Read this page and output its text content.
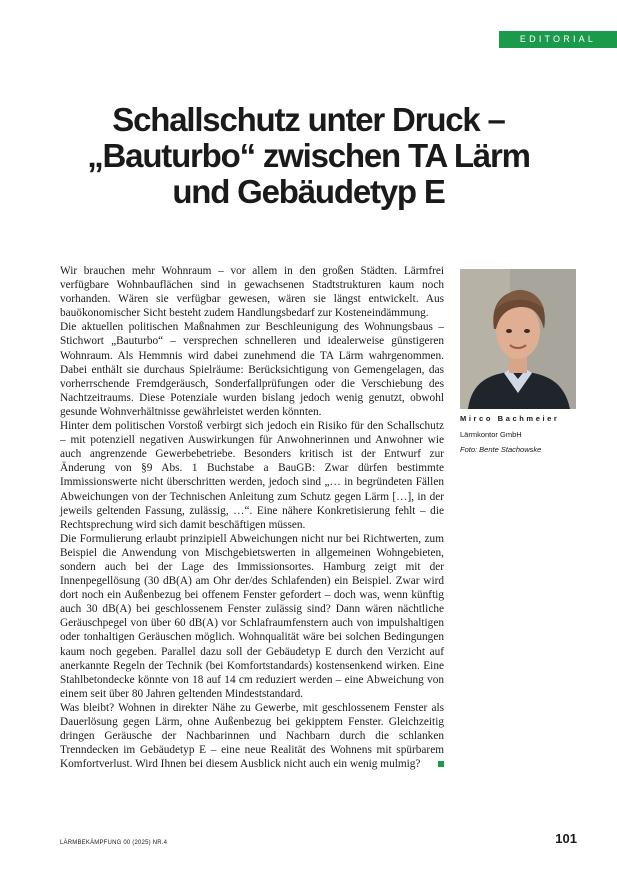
EDITORIAL
Schallschutz unter Druck –
„Bauturbo“ zwischen TA Lärm
und Gebäudetyp E

Wir brauchen mehr Wohnraum – vor allem in den großen Städten. Lärmfrei verfügbare Wohnbauflächen sind in gewachsenen Stadtstrukturen kaum noch vorhanden. Wären sie verfügbar gewesen, wären sie längst entwickelt. Aus bauökonomischer Sicht besteht zudem Handlungsbedarf zur Kosteneindämmung.

Die aktuellen politischen Maßnahmen zur Beschleunigung des Wohnungsbaus – Stichwort „Bauturbo“ – versprechen schnelleren und idealerweise günstigeren Wohnraum. Als Hemmnis wird dabei zunehmend die TA Lärm wahrgenommen. Dabei enthält sie durchaus Spielräume: Berücksichtigung von Gemengelagen, das vorherrschende Fremdgeräusch, Sonderfallprüfungen oder die Verschiebung des Nachtzeitraums. Diese Potenziale wurden bislang jedoch wenig genutzt, obwohl gesunde Wohnverhältnisse gewährleistet werden könnten.

Hinter dem politischen Vorstoß verbirgt sich jedoch ein Risiko für den Schallschutz – mit potenziell negativen Auswirkungen für Anwohnerinnen und Anwohner wie auch angrenzende Gewerbebetriebe. Besonders kritisch ist der Entwurf zur Änderung von §9 Abs. 1 Buchstabe a BauGB: Zwar dürfen bestimmte Immissionswerte nicht überschritten werden, jedoch sind „… in begründeten Fällen Abweichungen von der Technischen Anleitung zum Schutz gegen Lärm […], in der jeweils geltenden Fassung, zulässig, …“. Eine nähere Konkretisierung fehlt – die Rechtsprechung wird sich damit beschäftigen müssen.

Die Formulierung erlaubt prinzipiell Abweichungen nicht nur bei Richtwerten, zum Beispiel die Anwendung von Mischgebietswerten in allgemeinen Wohngebieten, sondern auch bei der Lage des Immissionsortes. Hamburg zeigt mit der Innenpegellösung (30 dB(A) am Ohr der/des Schlafenden) ein Beispiel. Zwar wird dort noch ein Außenbezug bei offenem Fenster gefordert – doch was, wenn künftig auch 30 dB(A) bei geschlossenem Fenster zulässig sind? Dann wären nächtliche Geräuschpegel von über 60 dB(A) vor Schlafraumfenstern auch von impulshaltigen oder tonhaltigen Geräuschen möglich. Wohnqualität wäre bei solchen Bedingungen kaum noch gegeben. Parallel dazu soll der Gebäudetyp E durch den Verzicht auf anerkannte Regeln der Technik (bei Komfortstandards) kostensenkend wirken. Eine Stahlbetondecke könnte von 18 auf 14 cm reduziert werden – eine Abweichung von einem seit über 80 Jahren geltenden Mindeststandard.

Was bleibt? Wohnen in direkter Nähe zu Gewerbe, mit geschlossenem Fenster als Dauerlösung gegen Lärm, ohne Außenbezug bei gekipptem Fenster. Gleichzeitig dringen Geräusche der Nachbarinnen und Nachbarn durch die schlanken Trenndecken im Gebäudetyp E – eine neue Realität des Wohnens mit spürbarem Komfortverlust. Wird Ihnen bei diesem Ausblick nicht auch ein wenig mulmig?

Mirco Bachmeier
Lärmkontor GmbH
Foto: Bente Stachowske
LÄRMBEKÄMPFUNG 00 (2025) NR.4	101
